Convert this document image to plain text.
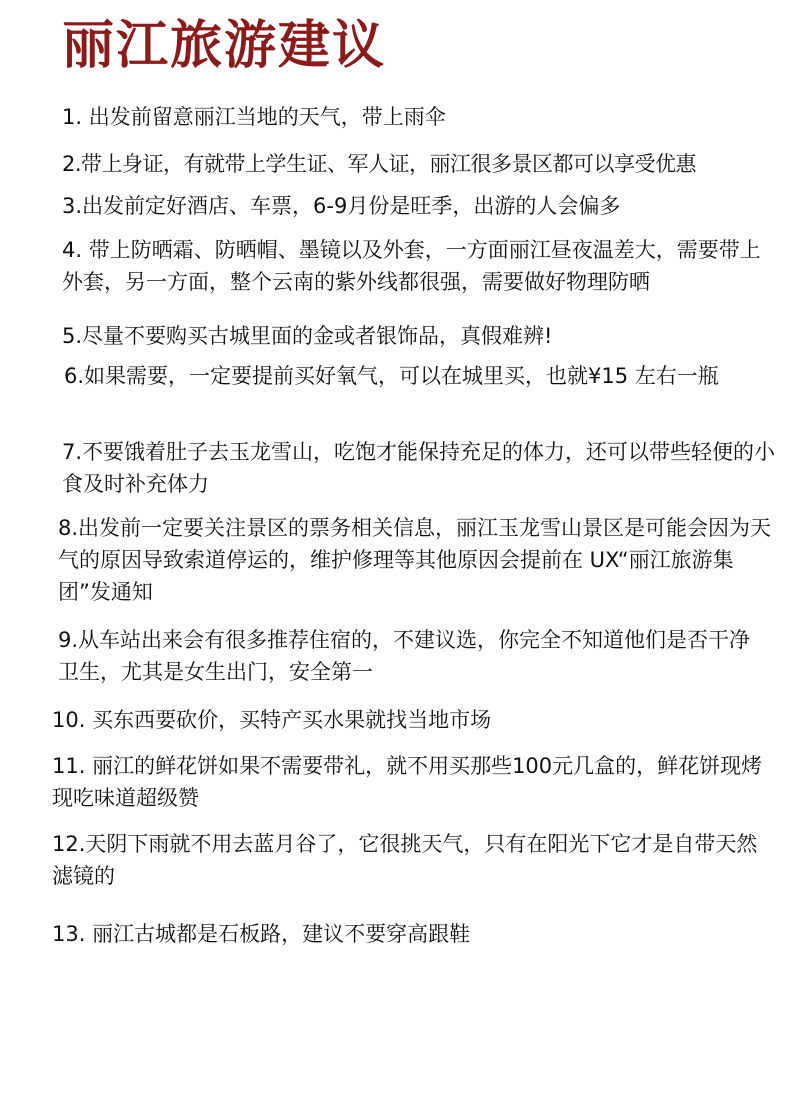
丽江旅游建议

1. 出发前留意丽江当地的天气，带上雨伞

2.带上身证，有就带上学生证、军人证，丽江很多景区都可以享受优惠

3.出发前定好酒店、车票，6-9月份是旺季，出游的人会偏多

4. 带上防晒霜、防晒帽、墨镜以及外套，一方面丽江昼夜温差大，需要带上外套，另一方面，整个云南的紫外线都很强，需要做好物理防晒

5.尽量不要购买古城里面的金或者银饰品，真假难辨!

6.如果需要，一定要提前买好氧气，可以在城里买，也就¥15 左右一瓶

7.不要饿着肚子去玉龙雪山，吃饱才能保持充足的体力，还可以带些轻便的小食及时补充体力

8.出发前一定要关注景区的票务相关信息，丽江玉龙雪山景区是可能会因为天气的原因导致索道停运的，维护修理等其他原因会提前在 UX“丽江旅游集团”发通知

9.从车站出来会有很多推荐住宿的，不建议选，你完全不知道他们是否干净卫生，尤其是女生出门，安全第一

10. 买东西要砍价，买特产买水果就找当地市场

11. 丽江的鲜花饼如果不需要带礼，就不用买那些100元几盒的，鲜花饼现烤现吃味道超级赞

12.天阴下雨就不用去蓝月谷了，它很挑天气，只有在阳光下它才是自带天然滤镜的

13. 丽江古城都是石板路，建议不要穿高跟鞋
